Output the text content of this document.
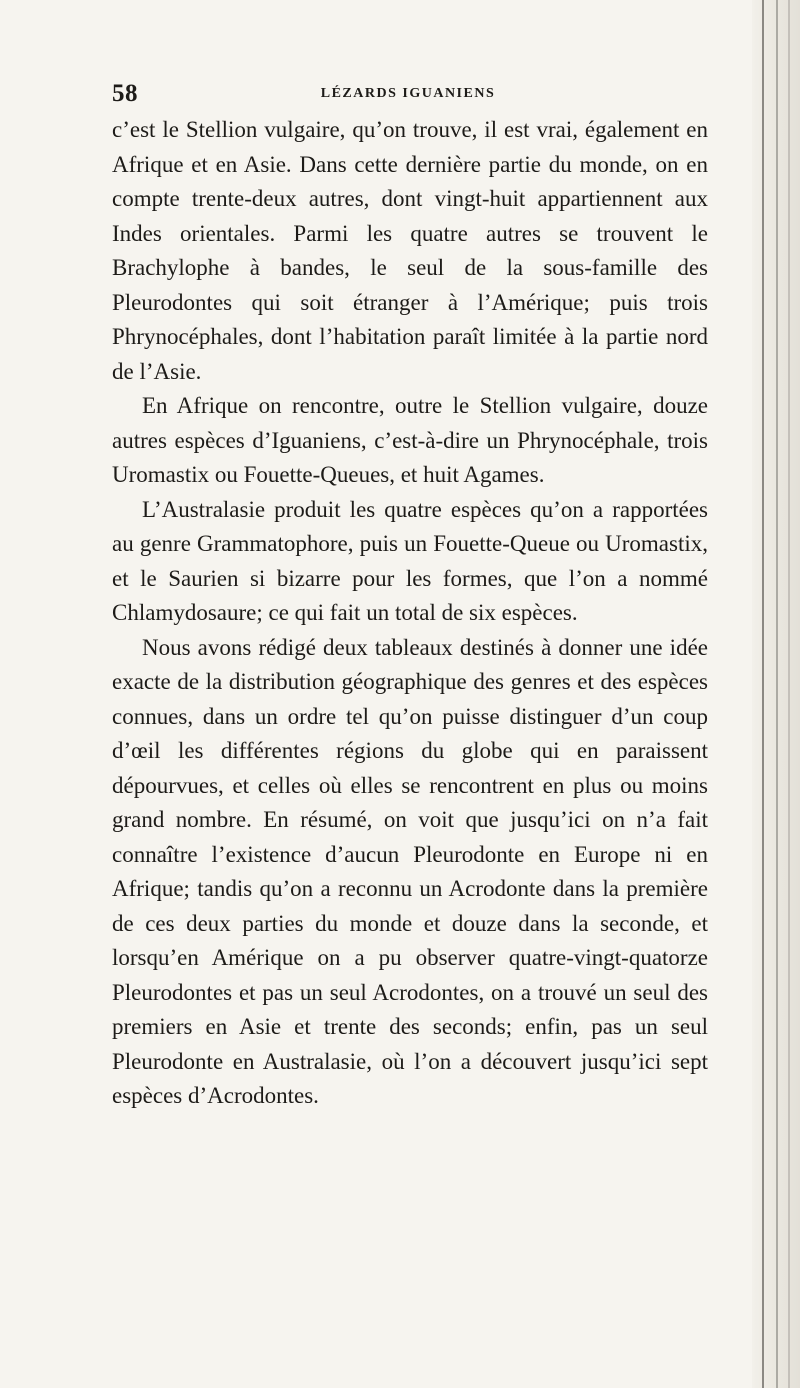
58	LÉZARDS IGUANIENS

c’est le Stellion vulgaire, qu’on trouve, il est vrai, également en Afrique et en Asie. Dans cette dernière partie du monde, on en compte trente-deux autres, dont vingt-huit appartiennent aux Indes orientales. Parmi les quatre autres se trouvent le Brachylophe à bandes, le seul de la sous-famille des Pleurodontes qui soit étranger à l’Amérique; puis trois Phrynocéphales, dont l’habitation paraît limitée à la partie nord de l’Asie.

En Afrique on rencontre, outre le Stellion vulgaire, douze autres espèces d’Iguaniens, c’est-à-dire un Phrynocéphale, trois Uromastix ou Fouette-Queues, et huit Agames.

L’Australasie produit les quatre espèces qu’on a rapportées au genre Grammatophore, puis un Fouette-Queue ou Uromastix, et le Saurien si bizarre pour les formes, que l’on a nommé Chlamydosaure; ce qui fait un total de six espèces.

Nous avons rédigé deux tableaux destinés à donner une idée exacte de la distribution géographique des genres et des espèces connues, dans un ordre tel qu’on puisse distinguer d’un coup d’œil les différentes régions du globe qui en paraissent dépourvues, et celles où elles se rencontrent en plus ou moins grand nombre. En résumé, on voit que jusqu’ici on n’a fait connaître l’existence d’aucun Pleurodonte en Europe ni en Afrique; tandis qu’on a reconnu un Acrodonte dans la première de ces deux parties du monde et douze dans la seconde, et lorsqu’en Amérique on a pu observer quatre-vingt-quatorze Pleurodontes et pas un seul Acrodontes, on a trouvé un seul des premiers en Asie et trente des seconds; enfin, pas un seul Pleurodonte en Australasie, où l’on a découvert jusqu’ici sept espèces d’Acrodontes.
